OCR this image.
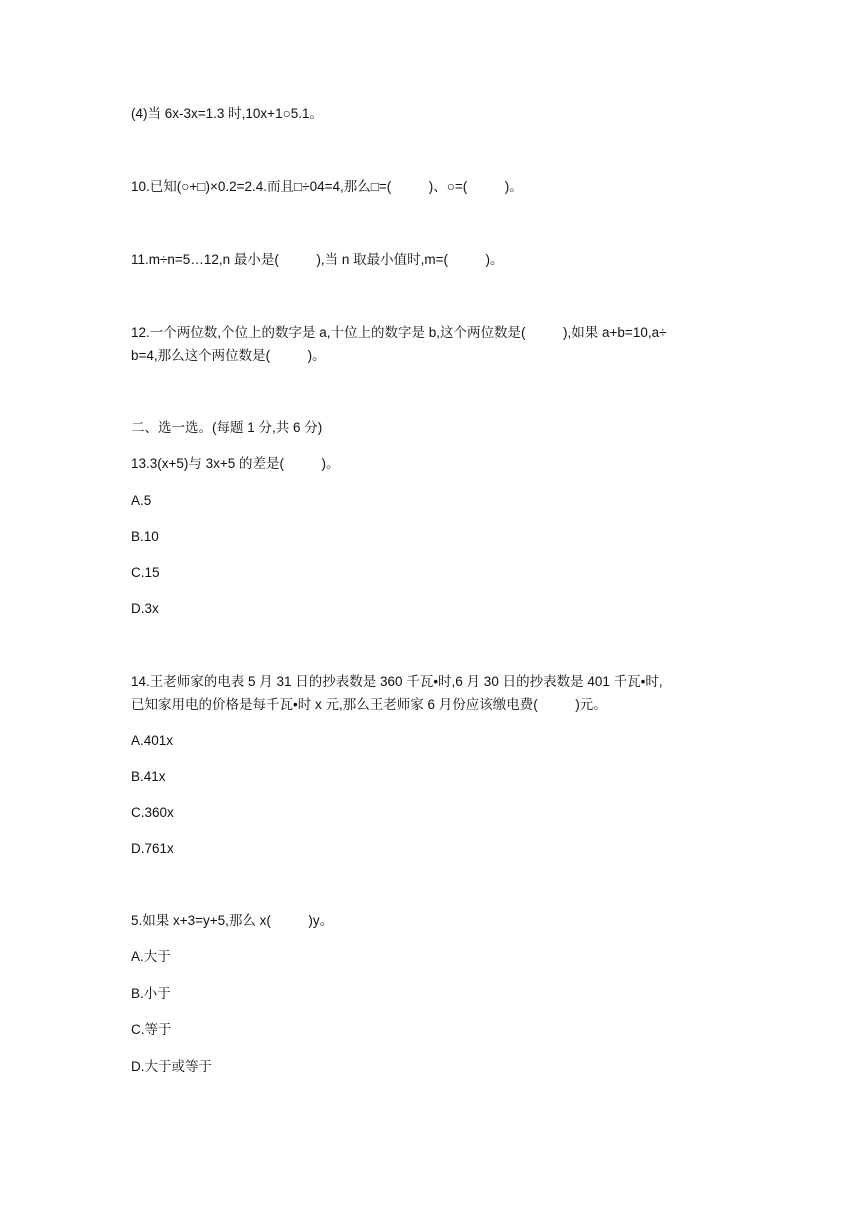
(4)当 6x-3x=1.3 时,10x+1○5.1。
10.已知(○+□)×0.2=2.4.而且□÷04=4,那么□=(          )、○=(          )。
11.m÷n=5…12,n 最小是(          ),当 n 取最小值时,m=(          )。
12.一个两位数,个位上的数字是 a,十位上的数字是 b,这个两位数是(          ),如果 a+b=10,a÷
b=4,那么这个两位数是(          )。
二、选一选。(每题 1 分,共 6 分)
13.3(x+5)与 3x+5 的差是(          )。
A.5
B.10
C.15
D.3x
14.王老师家的电表 5 月 31 日的抄表数是 360 千瓦•时,6 月 30 日的抄表数是 401 千瓦•时,
已知家用电的价格是每千瓦•时 x 元,那么王老师家 6 月份应该缴电费(          )元。
A.401x
B.41x
C.360x
D.761x
5.如果 x+3=y+5,那么 x(          )y。
A.大于
B.小于
C.等于
D.大于或等于
